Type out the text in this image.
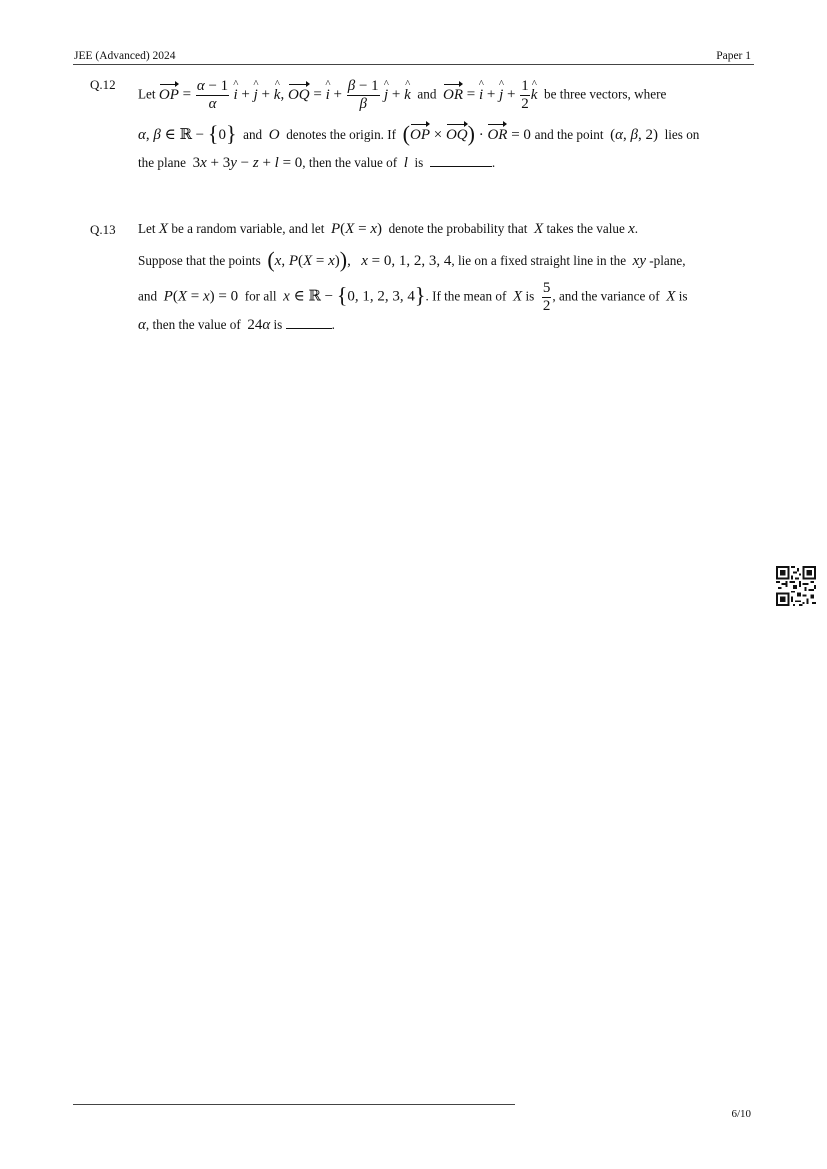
JEE (Advanced) 2024	Paper 1
Q.12
Let OP = $\frac{\alpha - 1}{\alpha}$ ^ i + ^ j + ^ k, OQ = ^ $i + \frac{\beta - 1}{\beta}$ ^ j + ^ k and OR = ^ i + ^ $j + \frac{1}{2}$ ^ k be three vectors, where
α, β ∈ ℝ − {0} and O denotes the origin. If (OP × OQ) · OR = 0 and the point (α, β, 2) lies on
the plane 3x + 3y − z + l = 0, then the value of l is	.
Q.13 Let X be a random variable, and let P(X = x) denote the probability that X takes the value x.
Suppose that the points (x, P(X = x)),   x = 0, 1, 2, 3, 4, lie on a fixed straight line in the xy -plane,
and P(X = x) = 0 for all x ∈ ℝ − {0, 1, 2, 3, 4}. If the mean of X is $\frac{5}{2}$ , and the variance of X is
α, then the value of 24α is	.
6/10
